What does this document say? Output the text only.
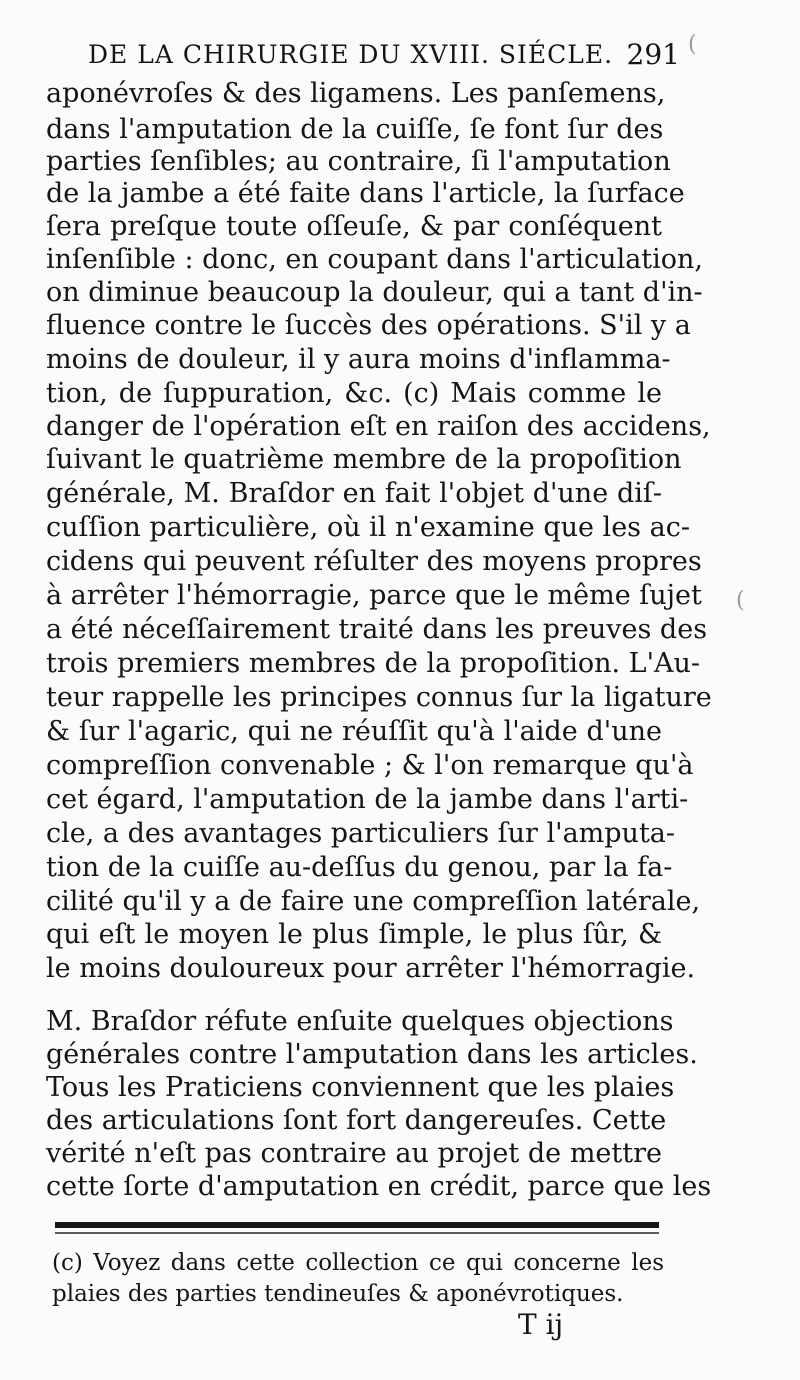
DE LA CHIRURGIE DU XVIII. SIÉCLE. 291
aponévroſes & des ligamens. Les panſemens,
dans l'amputation de la cuiſſe, ſe font ſur des
parties ſenſibles; au contraire, ſi l'amputation
de la jambe a été faite dans l'article, la ſurface
ſera preſque toute oſſeuſe, & par conſéquent
inſenſible : donc, en coupant dans l'articulation,
on diminue beaucoup la douleur, qui a tant d'in-
fluence contre le ſuccès des opérations. S'il y a
moins de douleur, il y aura moins d'inflamma-
tion, de ſuppuration, &c. (c) Mais comme le
danger de l'opération eſt en raiſon des accidens,
ſuivant le quatrième membre de la propoſition
générale, M. Braſdor en fait l'objet d'une diſ-
cuſſion particulière, où il n'examine que les ac-
cidens qui peuvent réſulter des moyens propres
à arrêter l'hémorragie, parce que le même ſujet
a été néceſſairement traité dans les preuves des
trois premiers membres de la propoſition. L'Au-
teur rappelle les principes connus ſur la ligature
& ſur l'agaric, qui ne réuſſit qu'à l'aide d'une
compreſſion convenable ; & l'on remarque qu'à
cet égard, l'amputation de la jambe dans l'arti-
cle, a des avantages particuliers ſur l'amputa-
tion de la cuiſſe au-deſſus du genou, par la fa-
cilité qu'il y a de faire une compreſſion latérale,
qui eſt le moyen le plus ſimple, le plus ſûr, &
le moins douloureux pour arrêter l'hémorragie.
M. Braſdor réfute enſuite quelques objections
générales contre l'amputation dans les articles.
Tous les Praticiens conviennent que les plaies
des articulations ſont fort dangereuſes. Cette
vérité n'eſt pas contraire au projet de mettre
cette ſorte d'amputation en crédit, parce que les
(c) Voyez dans cette collection ce qui concerne les
plaies des parties tendineuſes & aponévrotiques.
T ij
(
(
